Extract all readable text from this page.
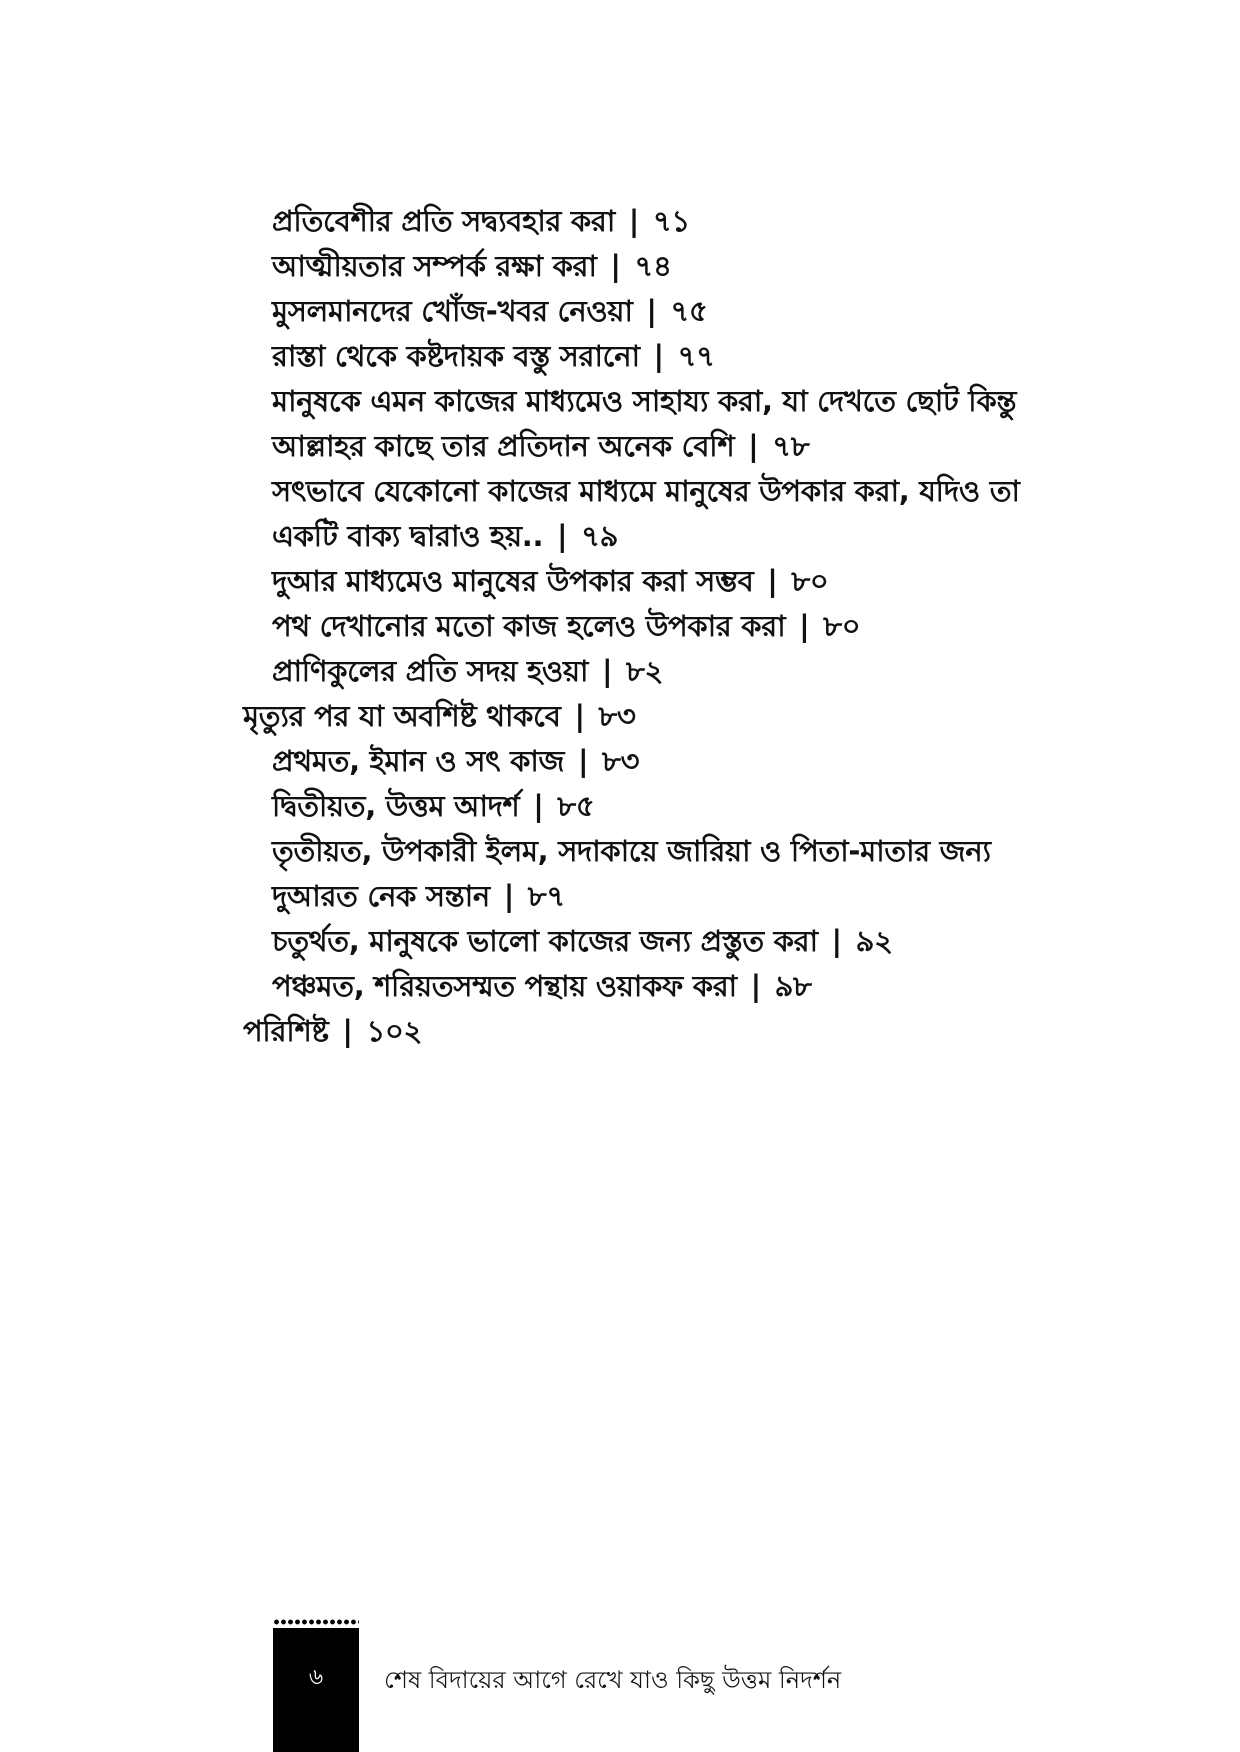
প্রতিবেশীর প্রতি সদ্ব্যবহার করা | ৭১
আত্মীয়তার সম্পর্ক রক্ষা করা | ৭৪
মুসলমানদের খোঁজ-খবর নেওয়া | ৭৫
রাস্তা থেকে কষ্টদায়ক বস্তু সরানো | ৭৭
মানুষকে এমন কাজের মাধ্যমেও সাহায্য করা, যা দেখতে ছোট কিন্তু
আল্লাহর কাছে তার প্রতিদান অনেক বেশি | ৭৮
সৎভাবে যেকোনো কাজের মাধ্যমে মানুষের উপকার করা, যদিও তা
একটি বাক্য দ্বারাও হয়.. | ৭৯
দুআর মাধ্যমেও মানুষের উপকার করা সম্ভব | ৮০
পথ দেখানোর মতো কাজ হলেও উপকার করা | ৮০
প্রাণিকুলের প্রতি সদয় হওয়া | ৮২
মৃত্যুর পর যা অবশিষ্ট থাকবে | ৮৩
প্রথমত, ইমান ও সৎ কাজ | ৮৩
দ্বিতীয়ত, উত্তম আদর্শ | ৮৫
তৃতীয়ত, উপকারী ইলম, সদাকায়ে জারিয়া ও পিতা-মাতার জন্য
দুআরত নেক সন্তান | ৮৭
চতুর্থত, মানুষকে ভালো কাজের জন্য প্রস্তুত করা | ৯২
পঞ্চমত, শরিয়তসম্মত পন্থায় ওয়াকফ করা | ৯৮
পরিশিষ্ট | ১০২
৬	শেষ বিদায়ের আগে রেখে যাও কিছু উত্তম নিদর্শন
